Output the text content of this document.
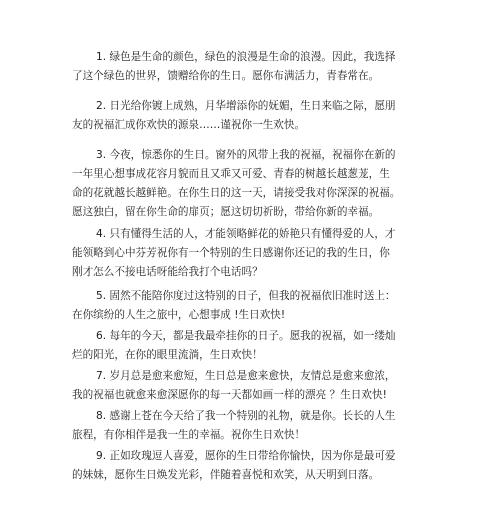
1. 绿色是生命的颜色，绿色的浪漫是生命的浪漫。因此，我选择
了这个绿色的世界，馈赠给你的生日。愿你布满活力，青春常在。
2. 日光给你镀上成熟，月华增添你的妩媚，生日来临之际，愿朋
友的祝福汇成你欢快的源泉……谨祝你一生欢快。
3. 今夜，惊悉你的生日。窗外的风带上我的祝福，祝福你在新的
一年里心想事成花容月貌而且又乖又可爱、青春的树越长越葱茏，生
命的花就越长越鲜艳。在你生日的这一天，请接受我对你深深的祝福。
愿这独白，留在你生命的扉页；愿这切切祈盼，带给你新的幸福。
4. 只有懂得生活的人，才能领略鲜花的娇艳只有懂得爱的人，才
能领略到心中芬芳祝你有一个特别的生日感谢你还记的我的生日，你
刚才怎么不接电话呀能给我打个电话吗？
5. 固然不能陪你度过这特别的日子，但我的祝福依旧准时送上：
在你缤纷的人生之旅中，心想事成 !生日欢快!
6. 每年的今天，都是我最牵挂你的日子。愿我的祝福，如一缕灿
烂的阳光，在你的眼里流淌，生日欢快！
7. 岁月总是愈来愈短，生日总是愈来愈快，友情总是愈来愈浓，
我的祝福也就愈来愈深愿你的每一天都如画一样的漂亮 ？生日欢快!
8. 感谢上苍在今天给了我一个特别的礼物，就是你。长长的人生
旅程，有你相伴是我一生的幸福。祝你生日欢快！
9. 正如玫瑰逗人喜爱，愿你的生日带给你愉快，因为你是最可爱
的妹妹，愿你生日焕发光彩，伴随着喜悦和欢笑，从天明到日落。
